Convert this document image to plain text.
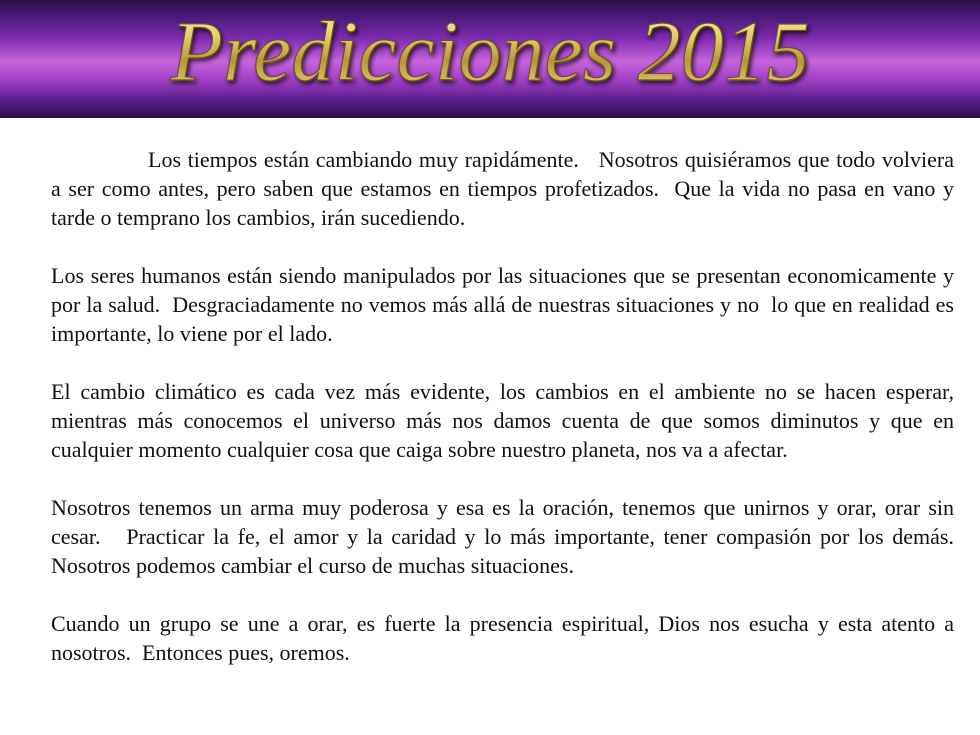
Predicciones 2015

Los tiempos están cambiando muy rapidámente.   Nosotros quisiéramos que todo volviera a ser como antes, pero saben que estamos en tiempos profetizados.  Que la vida no pasa en vano y tarde o temprano los cambios, irán sucediendo.

Los seres humanos están siendo manipulados por las situaciones que se presentan economicamente y por la salud.  Desgraciadamente no vemos más allá de nuestras situaciones y no  lo que en realidad es importante, lo viene por el lado.

El cambio climático es cada vez más evidente, los cambios en el ambiente no se hacen esperar, mientras más conocemos el universo más nos damos cuenta de que somos diminutos y que en cualquier momento cualquier cosa que caiga sobre nuestro planeta, nos va a afectar.

Nosotros tenemos un arma muy poderosa y esa es la oración, tenemos que unirnos y orar, orar sin cesar.   Practicar la fe, el amor y la caridad y lo más importante, tener compasión por los demás.  Nosotros podemos cambiar el curso de muchas situaciones.

Cuando un grupo se une a orar, es fuerte la presencia espiritual, Dios nos esucha y esta atento a nosotros.  Entonces pues, oremos.
